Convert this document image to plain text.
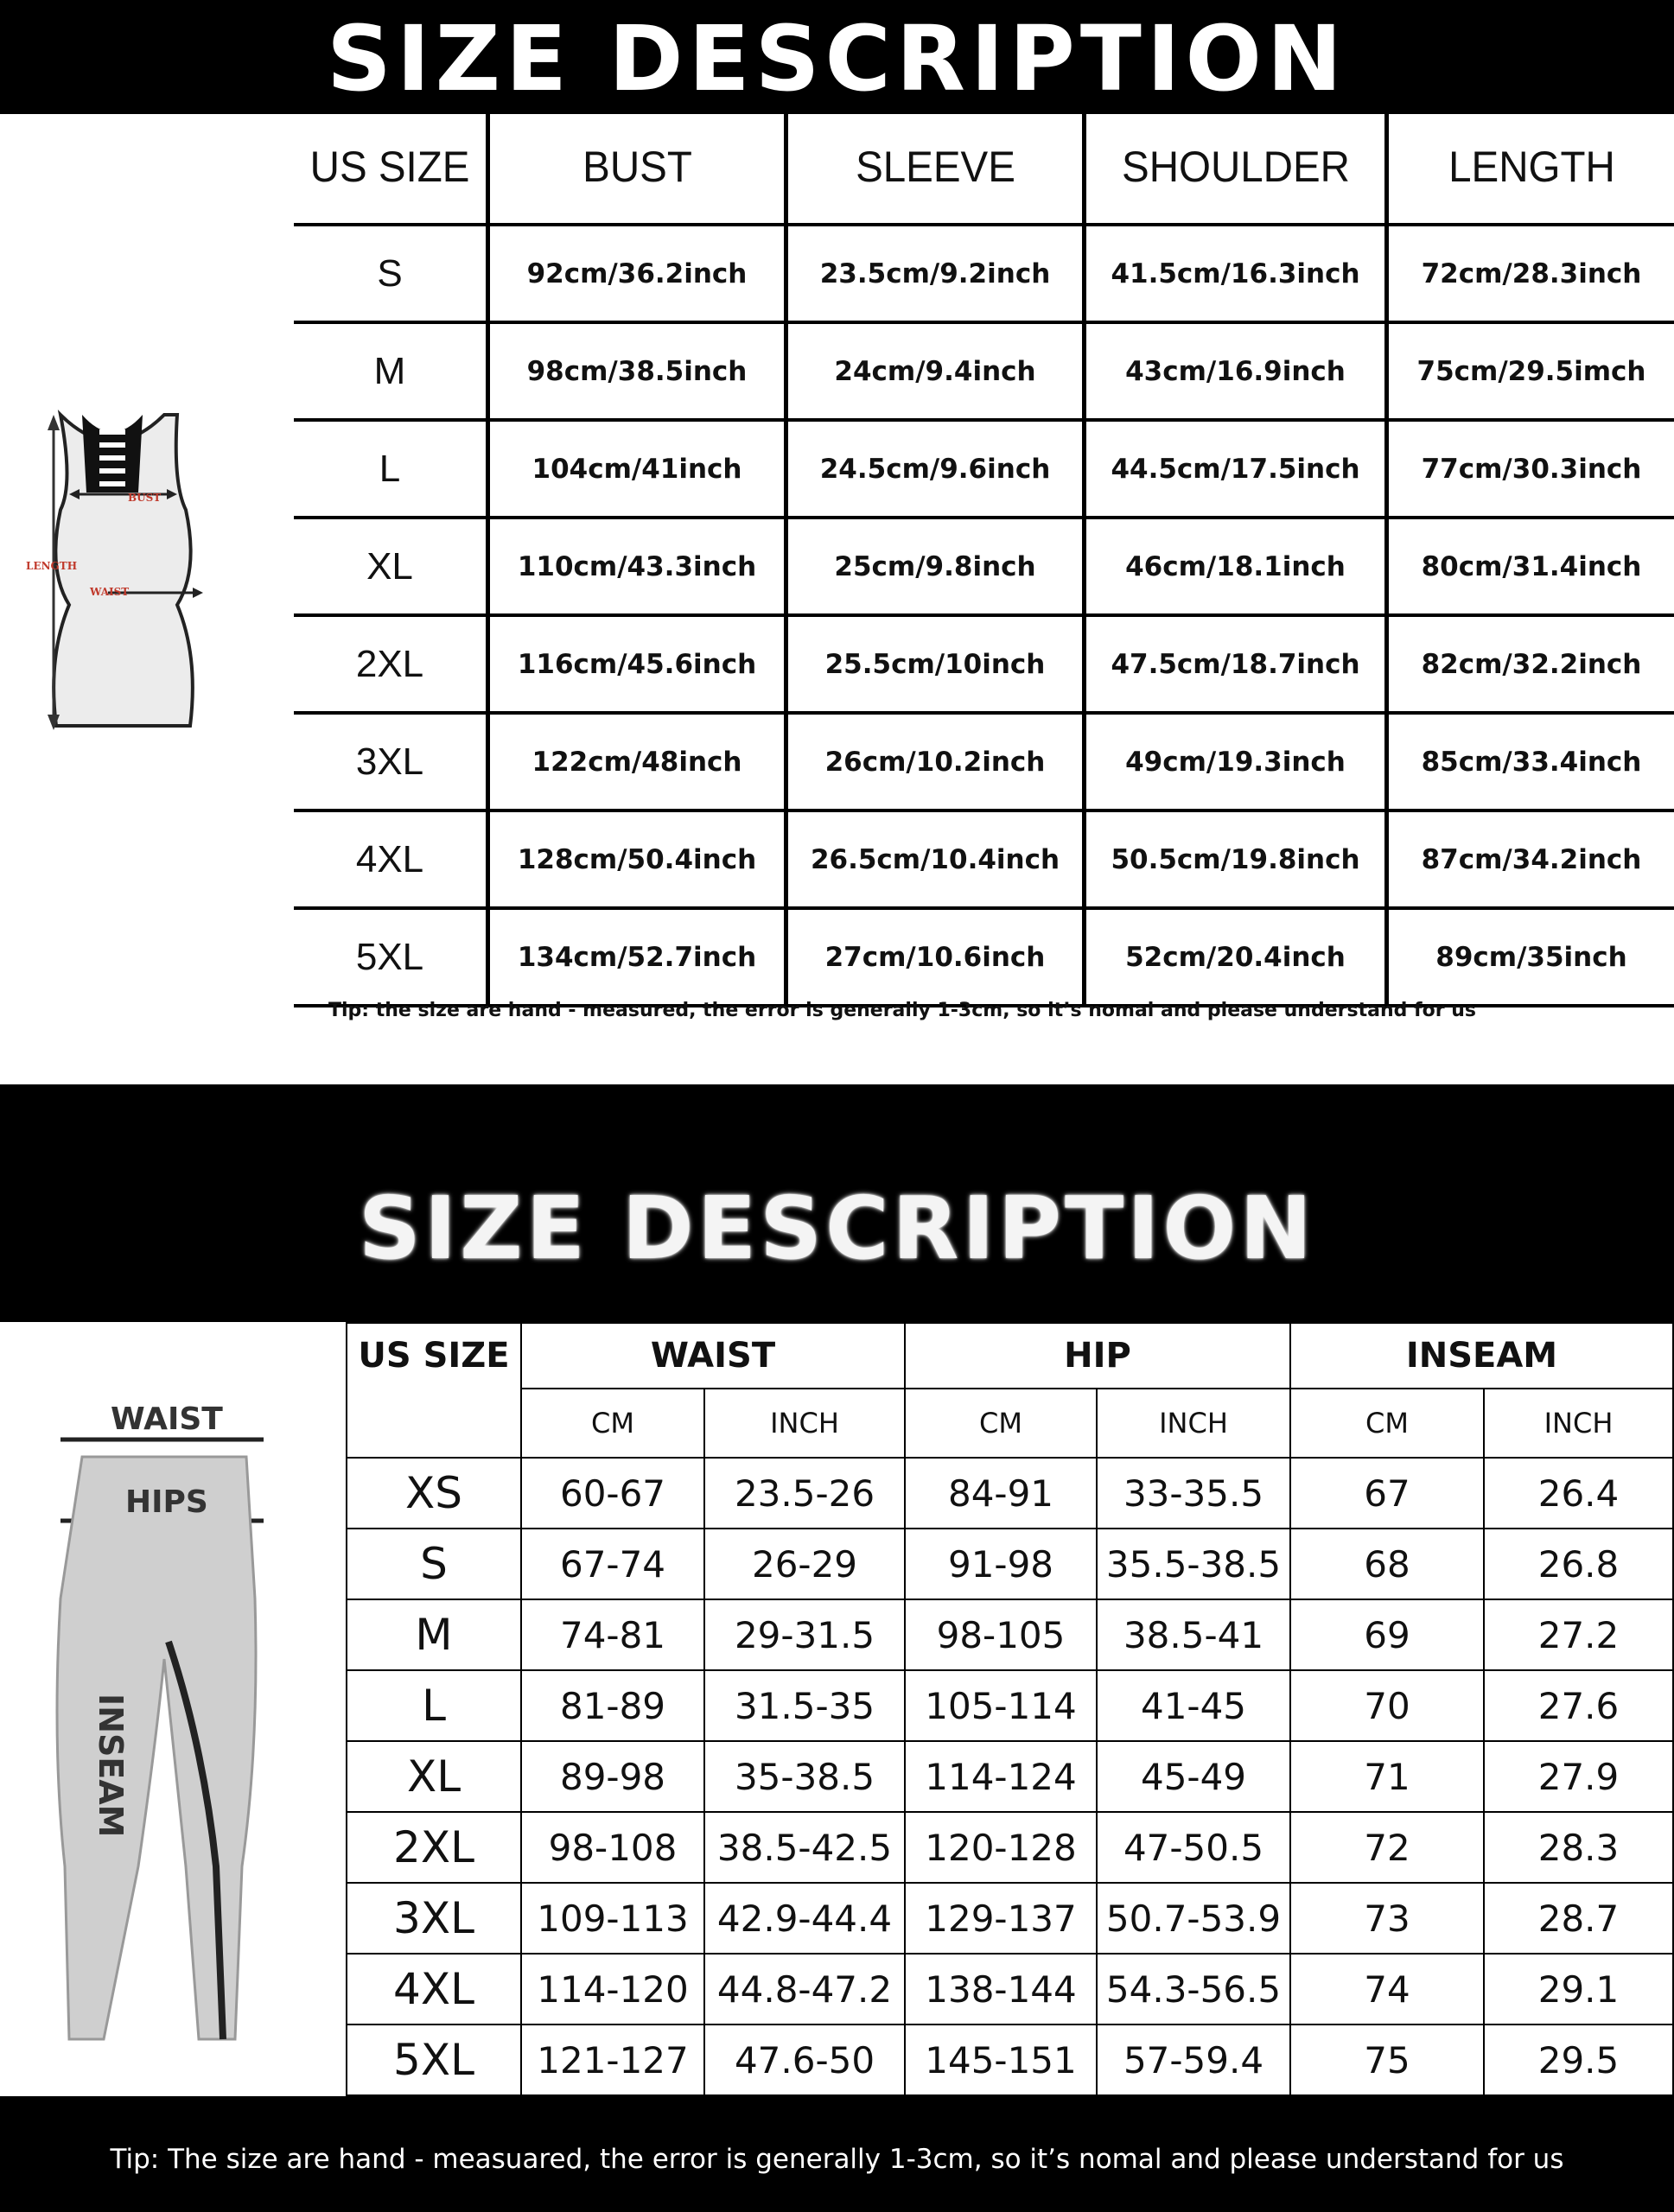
SIZE DESCRIPTION
BUST
LENGTH
WAIST
US SIZE	BUST	SLEEVE	SHOULDER	LENGTH
S	92cm/36.2inch	23.5cm/9.2inch	41.5cm/16.3inch	72cm/28.3inch
M	98cm/38.5inch	24cm/9.4inch	43cm/16.9inch	75cm/29.5imch
L	104cm/41inch	24.5cm/9.6inch	44.5cm/17.5inch	77cm/30.3inch
XL	110cm/43.3inch	25cm/9.8inch	46cm/18.1inch	80cm/31.4inch
2XL	116cm/45.6inch	25.5cm/10inch	47.5cm/18.7inch	82cm/32.2inch
3XL	122cm/48inch	26cm/10.2inch	49cm/19.3inch	85cm/33.4inch
4XL	128cm/50.4inch	26.5cm/10.4inch	50.5cm/19.8inch	87cm/34.2inch
5XL	134cm/52.7inch	27cm/10.6inch	52cm/20.4inch	89cm/35inch
Tip: the size are hand - measured, the error is generally 1-3cm, so it’s nomal and please understand for us
SIZE DESCRIPTION
WAIST
HIPS
INSEAM
US SIZE	WAIST		HIP		INSEAM	
	CM	INCH	CM	INCH	CM	INCH
XS	60-67	23.5-26	84-91	33-35.5	67	26.4
S	67-74	26-29	91-98	35.5-38.5	68	26.8
M	74-81	29-31.5	98-105	38.5-41	69	27.2
L	81-89	31.5-35	105-114	41-45	70	27.6
XL	89-98	35-38.5	114-124	45-49	71	27.9
2XL	98-108	38.5-42.5	120-128	47-50.5	72	28.3
3XL	109-113	42.9-44.4	129-137	50.7-53.9	73	28.7
4XL	114-120	44.8-47.2	138-144	54.3-56.5	74	29.1
5XL	121-127	47.6-50	145-151	57-59.4	75	29.5
Tip: The size are hand - measuared, the error is generally 1-3cm, so it’s nomal and please understand for us
